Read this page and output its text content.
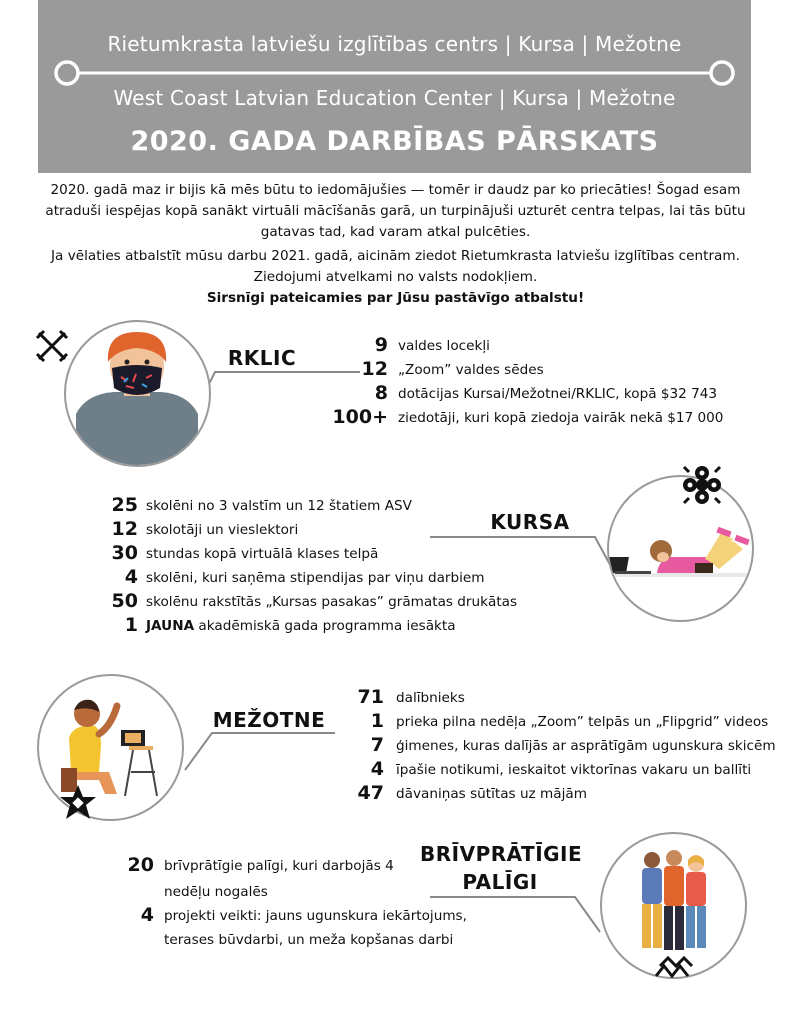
Rietumkrasta latviešu izglītības centrs | Kursa | Mežotne
West Coast Latvian Education Center | Kursa | Mežotne
2020. GADA DARBĪBAS PĀRSKATS

2020. gadā maz ir bijis kā mēs būtu to iedomājušies — tomēr ir daudz par ko priecāties! Šogad esam atraduši iespējas kopā sanākt virtuāli mācīšanās garā, un turpinājuši uzturēt centra telpas, lai tās būtu gatavas tad, kad varam atkal pulcēties.

Ja vēlaties atbalstīt mūsu darbu 2021. gadā, aicinām ziedot Rietumkrasta latviešu izglītības centram. Ziedojumi atvelkami no valsts nodokļiem.

Sirsnīgi pateicamies par Jūsu pastāvīgo atbalstu!

RKLIC
9 valdes locekļi
12 „Zoom” valdes sēdes
8 dotācijas Kursai/Mežotnei/RKLIC, kopā $32 743
100+ ziedotāji, kuri kopā ziedoja vairāk nekā $17 000
25 skolēni no 3 valstīm un 12 štatiem ASV
12 skolotāji un vieslektori
30 stundas kopā virtuālā klases telpā
4 skolēni, kuri saņēma stipendijas par viņu darbiem
50 skolēnu rakstītās „Kursas pasakas” grāmatas drukātas
1 JAUNA akadēmiskā gada programma iesākta
KURSA
MEŽOTNE
71 dalībnieks
1 prieka pilna nedēļa „Zoom” telpās un „Flipgrid” videos
7 ģimenes, kuras dalījās ar asprātīgām ugunskura skicēm
4 īpašie notikumi, ieskaitot viktorīnas vakaru un ballīti
47 dāvaniņas sūtītas uz mājām
20 brīvprātīgie palīgi, kuri darbojās 4
nedēļu nogalēs
4 projekti veikti: jauns ugunskura iekārtojums,
terases būvdarbi, un meža kopšanas darbi
BRĪVPRĀTĪGIE
PALĪGI
